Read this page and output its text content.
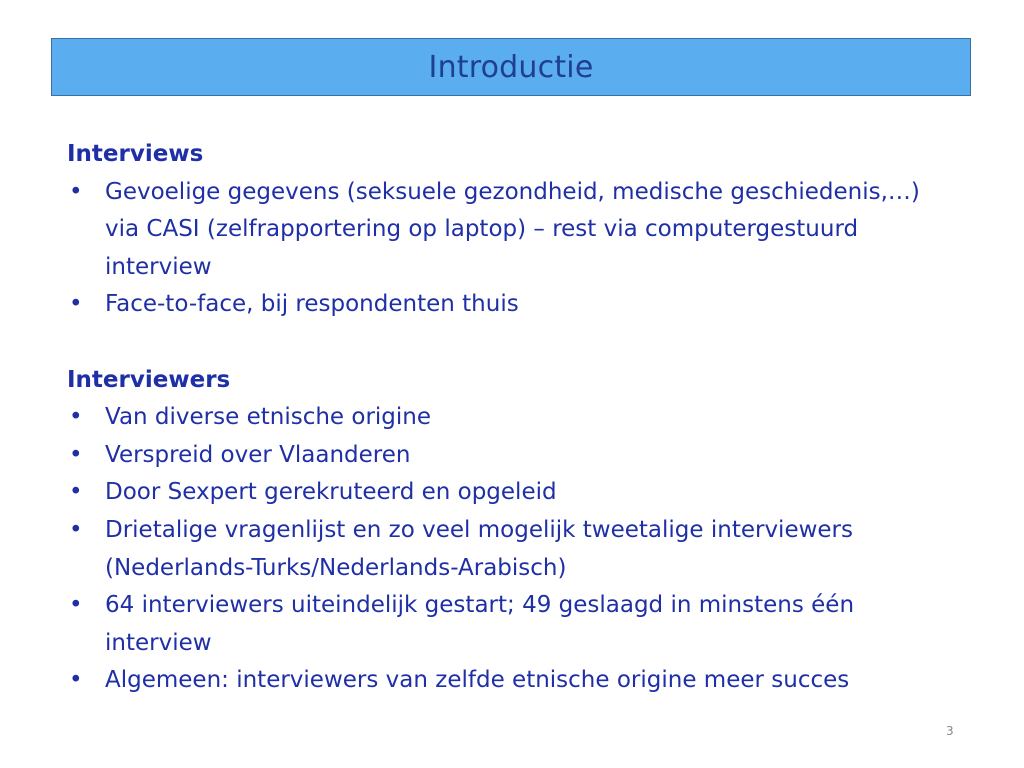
Introductie

Interviews

• Gevoelige gegevens (seksuele gezondheid, medische geschiedenis,…) via CASI (zelfrapportering op laptop) – rest via computergestuurd interview
• Face-to-face, bij respondenten thuis

Interviewers

• Van diverse etnische origine
• Verspreid over Vlaanderen
• Door Sexpert gerekruteerd en opgeleid
• Drietalige vragenlijst en zo veel mogelijk tweetalige interviewers (Nederlands-Turks/Nederlands-Arabisch)
• 64 interviewers uiteindelijk gestart; 49 geslaagd in minstens één interview
• Algemeen: interviewers van zelfde etnische origine meer succes
3
